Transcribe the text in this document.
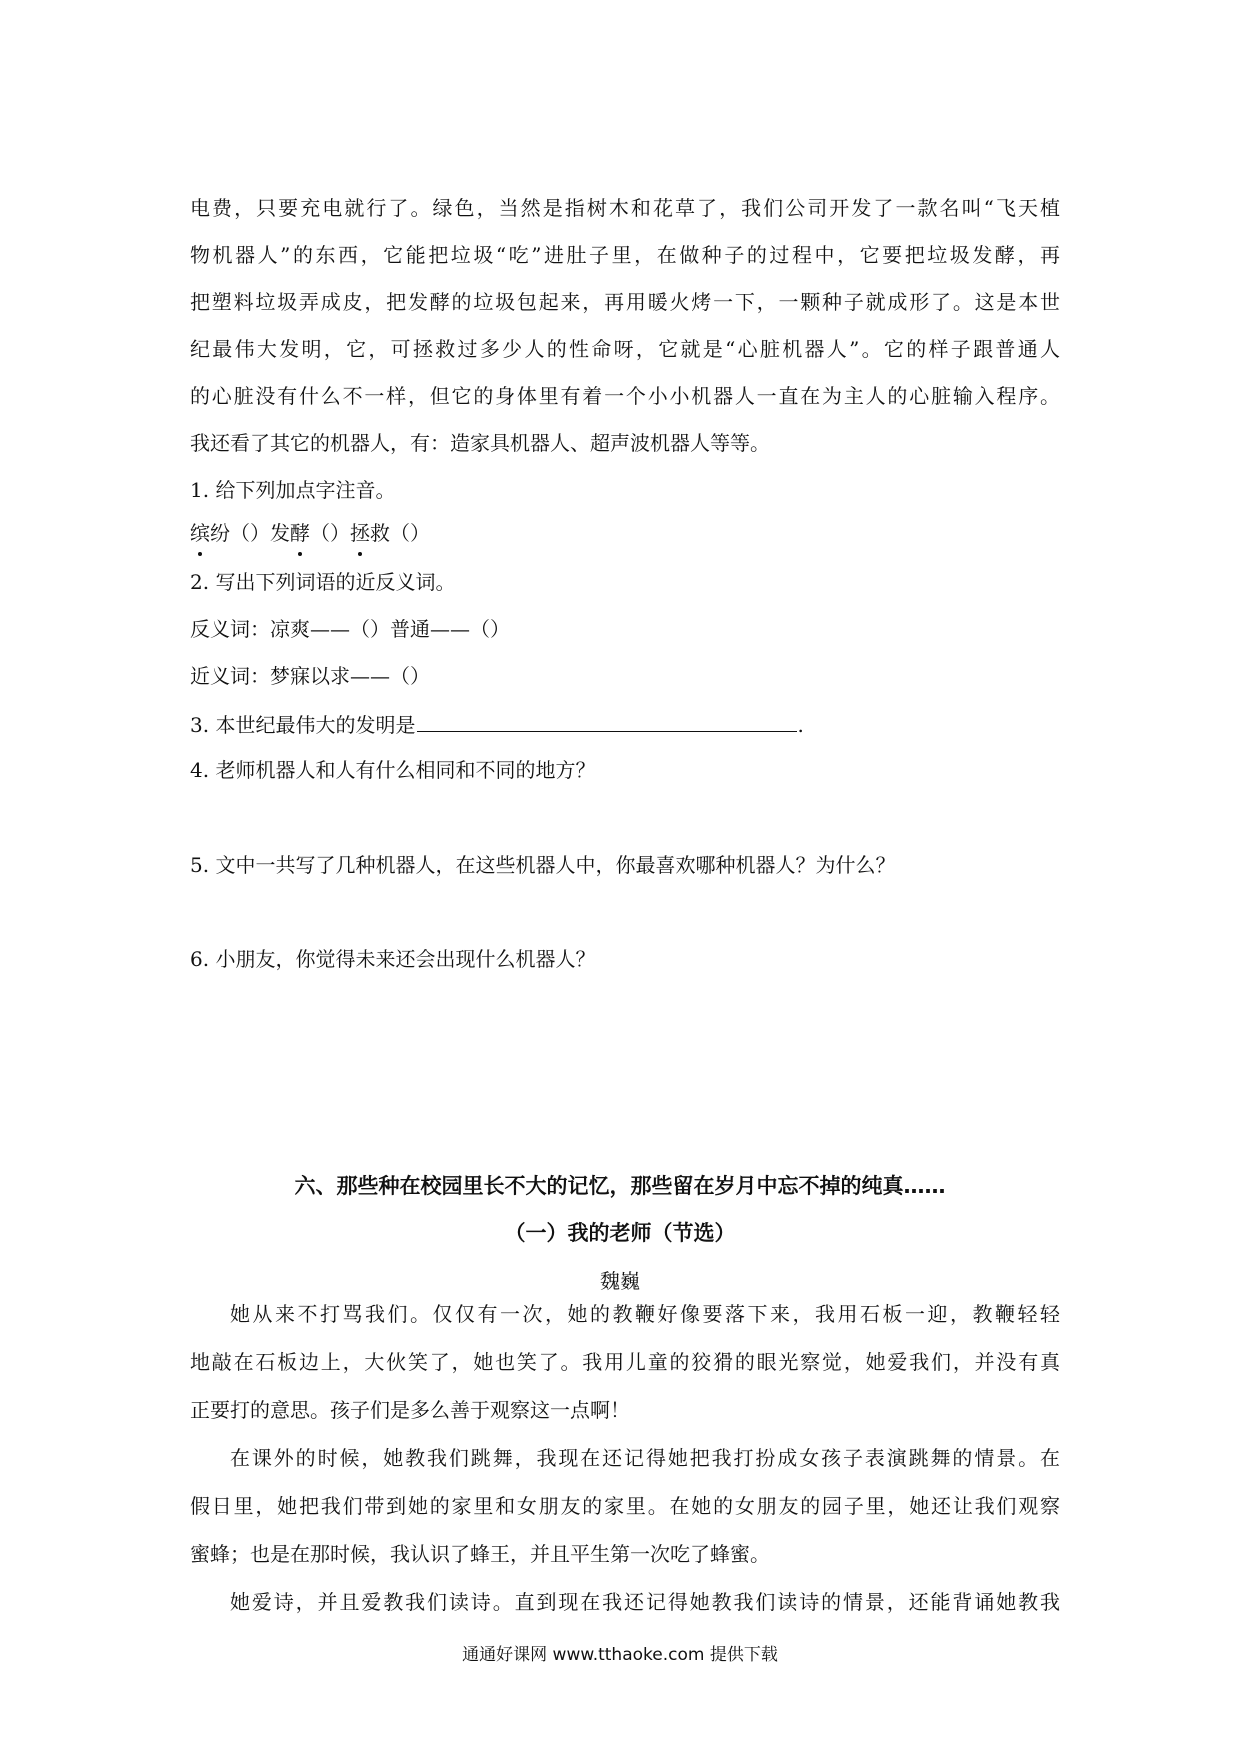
电费，只要充电就行了。绿色，当然是指树木和花草了，我们公司开发了一款名叫“飞天植
物机器人”的东西，它能把垃圾“吃”进肚子里，在做种子的过程中，它要把垃圾发酵，再
把塑料垃圾弄成皮，把发酵的垃圾包起来，再用暖火烤一下，一颗种子就成形了。这是本世
纪最伟大发明，它，可拯救过多少人的性命呀，它就是“心脏机器人”。它的样子跟普通人
的心脏没有什么不一样，但它的身体里有着一个小小机器人一直在为主人的心脏输入程序。
我还看了其它的机器人，有：造家具机器人、超声波机器人等等。
1. 给下列加点字注音。
缤纷（）发酵（）拯救（）
2. 写出下列词语的近反义词。
反义词：凉爽——（）普通——（）
近义词：梦寐以求——（）
3. 本世纪最伟大的发明是	.
4. 老师机器人和人有什么相同和不同的地方？
5. 文中一共写了几种机器人，在这些机器人中，你最喜欢哪种机器人？为什么？
6. 小朋友，你觉得未来还会出现什么机器人？
六、那些种在校园里长不大的记忆，那些留在岁月中忘不掉的纯真……
（一）我的老师（节选）
魏巍
她从来不打骂我们。仅仅有一次，她的教鞭好像要落下来，我用石板一迎，教鞭轻轻
地敲在石板边上，大伙笑了，她也笑了。我用儿童的狡猾的眼光察觉，她爱我们，并没有真
正要打的意思。孩子们是多么善于观察这一点啊！
在课外的时候，她教我们跳舞，我现在还记得她把我打扮成女孩子表演跳舞的情景。在
假日里，她把我们带到她的家里和女朋友的家里。在她的女朋友的园子里，她还让我们观察
蜜蜂；也是在那时候，我认识了蜂王，并且平生第一次吃了蜂蜜。
通通好课网 www.tthaoke.com 提供下载
她爱诗，并且爱教我们读诗。直到现在我还记得她教我们读诗的情景，还能背诵她教我
